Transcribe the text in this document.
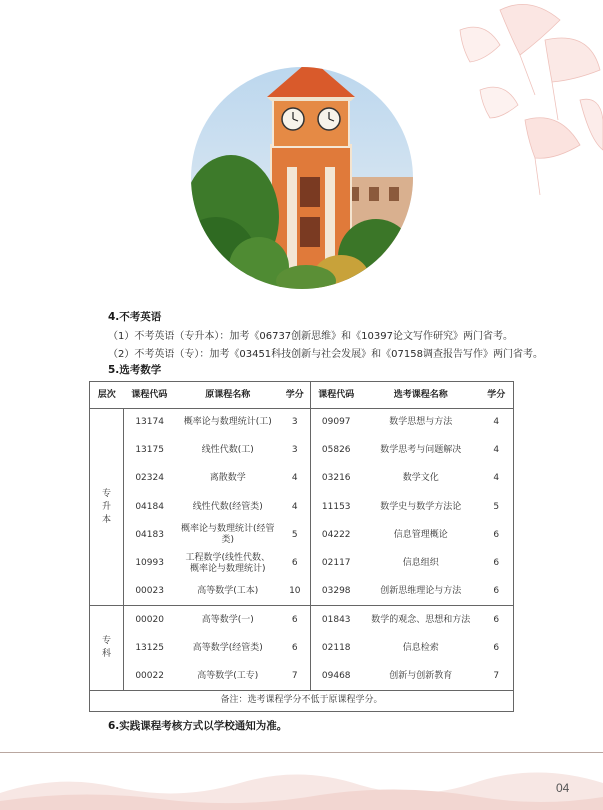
4.不考英语
（1）不考英语（专升本）：加考《06737创新思维》和《10397论文写作研究》两门省考。
（2）不考英语（专）：加考《03451科技创新与社会发展》和《07158调查报告写作》两门省考。
5.选考数学
层次	课程代码	原课程名称	学分	课程代码	选考课程名称	学分
专升本	13174	概率论与数理统计(工)	3	09097	数学思想与方法	4
	13175	线性代数(工)	3	05826	数学思考与问题解决	4
	02324	离散数学	4	03216	数学文化	4
	04184	线性代数(经管类)	4	11153	数学史与数学方法论	5
	04183	概率论与数理统计(经管类)	5	04222	信息管理概论	6
	10993	工程数学(线性代数、概率论与数理统计)	6	02117	信息组织	6
	00023	高等数学(工本)	10	03298	创新思维理论与方法	6
专科	00020	高等数学(一)	6	01843	数学的观念、思想和方法	6
	13125	高等数学(经管类)	6	02118	信息检索	6
	00022	高等数学(工专)	7	09468	创新与创新教育	7
备注：选考课程学分不低于原课程学分。						
6.实践课程考核方式以学校通知为准。
04
